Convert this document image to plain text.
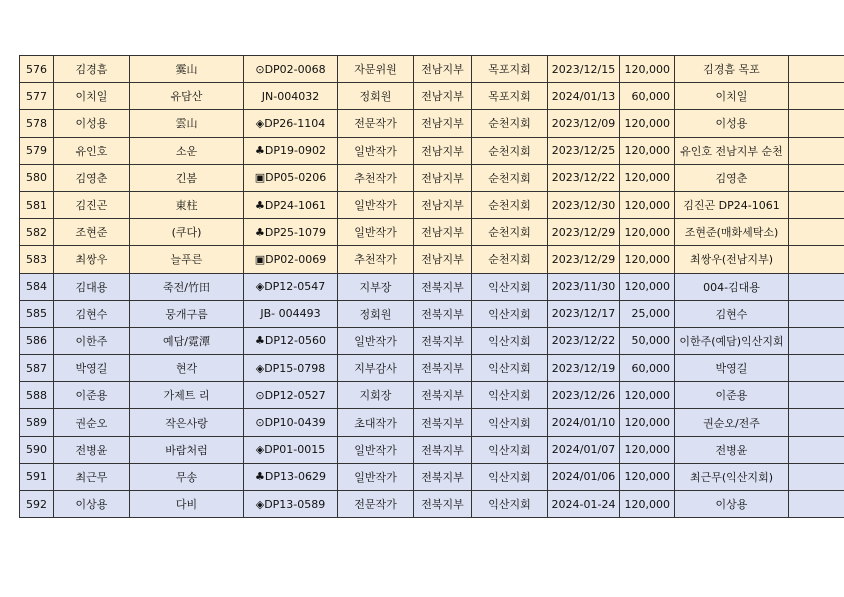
576	김경흠	霙山	⊙DP02-0068	자문위원	전남지부	목포지회	2023/12/15	120,000	김경흠 목포	
577	이치일	유담산	JN-004032	정회원	전남지부	목포지회	2024/01/13	60,000	이치일	
578	이성용	雲山	◈DP26-1104	전문작가	전남지부	순천지회	2023/12/09	120,000	이성용	
579	유인호	소운	♣DP19-0902	일반작가	전남지부	순천지회	2023/12/25	120,000	유인호 전남지부 순천	
580	김영춘	긴봄	▣DP05-0206	추천작가	전남지부	순천지회	2023/12/22	120,000	김영춘	
581	김진곤	東柱	♣DP24-1061	일반작가	전남지부	순천지회	2023/12/30	120,000	김진곤 DP24-1061	
582	조현준	(쿠다)	♣DP25-1079	일반작가	전남지부	순천지회	2023/12/29	120,000	조현준(매화세탁소)	
583	최쌍우	늘푸른	▣DP02-0069	추천작가	전남지부	순천지회	2023/12/29	120,000	최쌍우(전남지부)	
584	김대용	죽전/竹田	◈DP12-0547	지부장	전북지부	익산지회	2023/11/30	120,000	004-김대용	
585	김현수	뭉개구름	JB- 004493	정회원	전북지부	익산지회	2023/12/17	25,000	김현수	
586	이한주	예담/霓潭	♣DP12-0560	일반작가	전북지부	익산지회	2023/12/22	50,000	이한주(예담)익산지회	
587	박영길	현각	◈DP15-0798	지부감사	전북지부	익산지회	2023/12/19	60,000	박영길	
588	이준용	가제트 리	⊙DP12-0527	지회장	전북지부	익산지회	2023/12/26	120,000	이준용	
589	권순오	작은사랑	⊙DP10-0439	초대작가	전북지부	익산지회	2024/01/10	120,000	권순오/전주	
590	전병윤	바람처럼	◈DP01-0015	일반작가	전북지부	익산지회	2024/01/07	120,000	전병윤	
591	최근무	무송	♣DP13-0629	일반작가	전북지부	익산지회	2024/01/06	120,000	최근무(익산지회)	
592	이상용	다비	◈DP13-0589	전문작가	전북지부	익산지회	2024-01-24	120,000	이상용	
